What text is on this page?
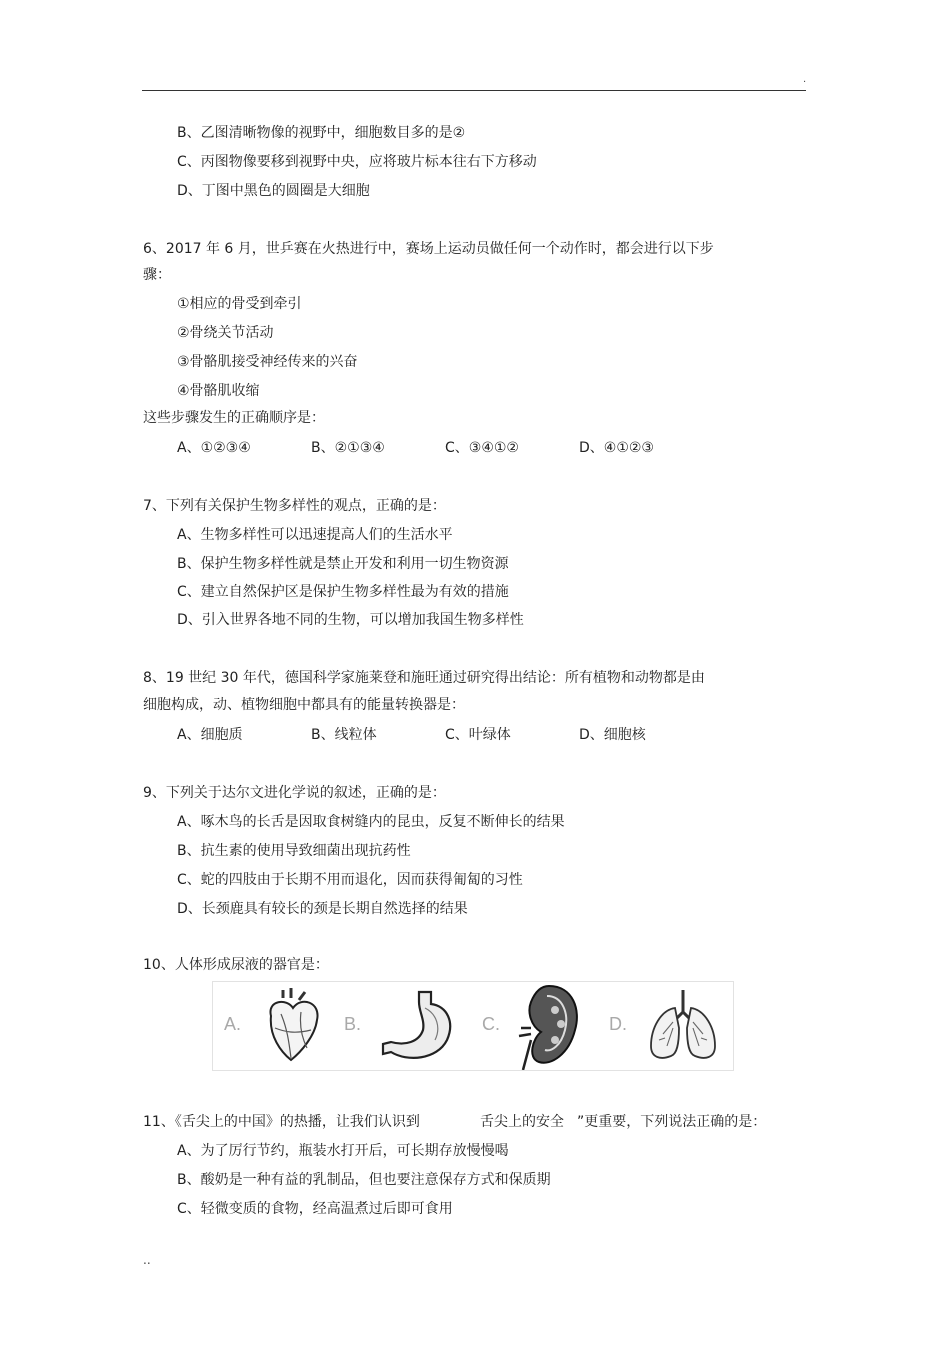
.
B、乙图清晰物像的视野中，细胞数目多的是②
C、丙图物像要移到视野中央，应将玻片标本往右下方移动
D、丁图中黑色的圆圈是大细胞
6、2017 年 6 月，世乒赛在火热进行中，赛场上运动员做任何一个动作时，都会进行以下步
骤：
①相应的骨受到牵引
②骨绕关节活动
③骨骼肌接受神经传来的兴奋
④骨骼肌收缩
这些步骤发生的正确顺序是：
A、①②③④	B、②①③④	C、③④①②	D、④①②③
7、下列有关保护生物多样性的观点，正确的是：
A、生物多样性可以迅速提高人们的生活水平
B、保护生物多样性就是禁止开发和利用一切生物资源
C、建立自然保护区是保护生物多样性最为有效的措施
D、引入世界各地不同的生物，可以增加我国生物多样性
8、19 世纪 30 年代，德国科学家施莱登和施旺通过研究得出结论：所有植物和动物都是由
细胞构成，动、植物细胞中都具有的能量转换器是：
A、细胞质	B、线粒体	C、叶绿体	D、细胞核
9、下列关于达尔文进化学说的叙述，正确的是：
A、啄木鸟的长舌是因取食树缝内的昆虫，反复不断伸长的结果
B、抗生素的使用导致细菌出现抗药性
C、蛇的四肢由于长期不用而退化，因而获得匍匐的习性
D、长颈鹿具有较长的颈是长期自然选择的结果
10、人体形成尿液的器官是：
A.	B.	C.	D.
11、《舌尖上的中国》的热播，让我们认识到	舌尖上的安全 ”更重要，下列说法正确的是：
A、为了厉行节约，瓶装水打开后，可长期存放慢慢喝
B、酸奶是一种有益的乳制品，但也要注意保存方式和保质期
C、轻微变质的食物，经高温煮过后即可食用
..
